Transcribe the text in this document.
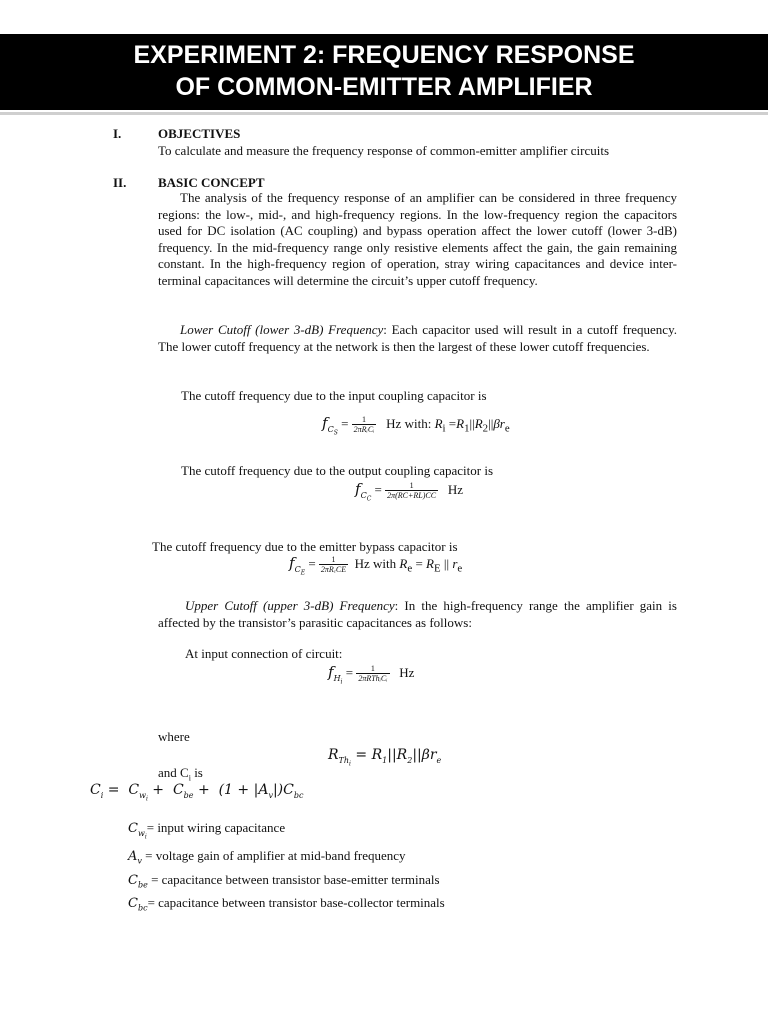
EXPERIMENT 2: FREQUENCY RESPONSE
OF COMMON-EMITTER AMPLIFIER
I.	OBJECTIVES
To calculate and measure the frequency response of common-emitter amplifier circuits
II. BASIC CONCEPT
The analysis of the frequency response of an amplifier can be considered in three frequency regions: the low-, mid-, and high-frequency regions. In the low-frequency region the capacitors used for DC isolation (AC coupling) and bypass operation affect the lower cutoff (lower 3-dB) frequency. In the mid-frequency range only resistive elements affect the gain, the gain remaining constant. In the high-frequency region of operation, stray wiring capacitances and device inter-terminal capacitances will determine the circuit’s upper cutoff frequency.
Lower Cutoff (lower 3-dB) Frequency: Each capacitor used will result in a cutoff frequency. The lower cutoff frequency at the network is then the largest of these lower cutoff frequencies.
The cutoff frequency due to the input coupling capacitor is
$f_{C_S} = \frac{1}{\text{2πRᵢCᵢ}}$ Hz with: $R_i =R_1||R_2||\beta r_e$
The cutoff frequency due to the output coupling capacitor is
$f_{C_C} = \frac{1}{2\pi(RC+RL)CC}$ Hz
The cutoff frequency due to the emitter bypass capacitor is
$f_{C_E} = \frac{1}{\text{2πRₑCE}}$ Hz with $R_e = R_E$ || $r_e$
Upper Cutoff (upper 3-dB) Frequency: In the high-frequency range the amplifier gain is affected by the transistor’s parasitic capacitances as follows:
At input connection of circuit:
$f_{H_i} = \frac{1}{\text{2πRThᵢCᵢ}}$ Hz
where
$R_{Th_i} = R_1||R_2||\beta r_e$
and $C_i$ is
$C_i = C_{w_i} + C_{be} + (1 + |A_v|)C_{bc}$
$C_{w_i}=$ input wiring capacitance
$A_v$ = voltage gain of amplifier at mid-band frequency
$C_{be}$ = capacitance between transistor base-emitter terminals
$C_{bc}=$ capacitance between transistor base-collector terminals
